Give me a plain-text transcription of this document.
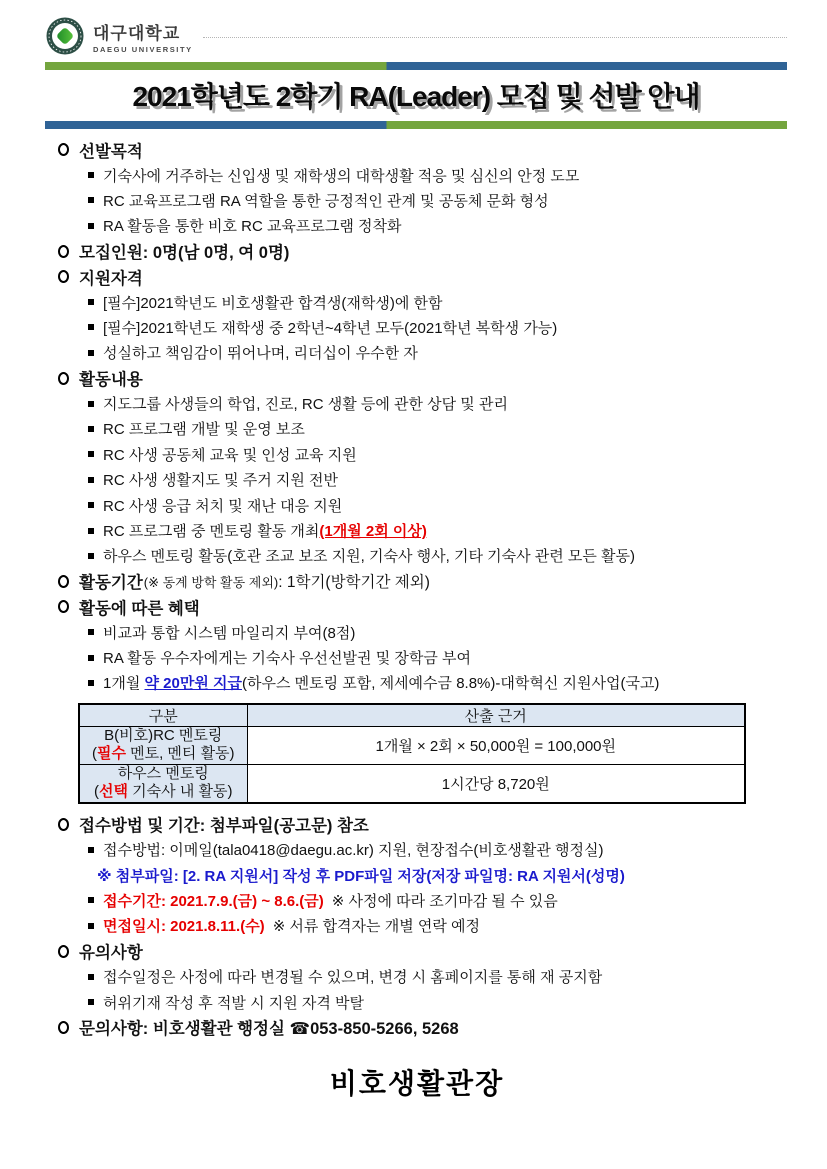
대구대학교
DAEGU UNIVERSITY
2021학년도 2학기 RA(Leader) 모집 및 선발 안내
선발목적
기숙사에 거주하는 신입생 및 재학생의 대학생활 적응 및 심신의 안정 도모
RC 교육프로그램 RA 역할을 통한 긍정적인 관계 및 공동체 문화 형성
RA 활동을 통한 비호 RC 교육프로그램 정착화
모집인원: 0명(남 0명, 여 0명)
지원자격
[필수]2021학년도 비호생활관 합격생(재학생)에 한함
[필수]2021학년도 재학생 중 2학년~4학년 모두(2021학년 복학생 가능)
성실하고 책임감이 뛰어나며, 리더십이 우수한 자
활동내용
지도그룹 사생들의 학업, 진로, RC 생활 등에 관한 상담 및 관리
RC 프로그램 개발 및 운영 보조
RC 사생 공동체 교육 및 인성 교육 지원
RC 사생 생활지도 및 주거 지원 전반
RC 사생 응급 처치 및 재난 대응 지원
RC 프로그램 중 멘토링 활동 개최 (1개월 2회 이상)
하우스 멘토링 활동(호관 조교 보조 지원, 기숙사 행사, 기타 기숙사 관련 모든 활동)
활동기간 (※ 동계 방학 활동 제외) : 1학기(방학기간 제외)
활동에 따른 혜택
비교과 통합 시스템 마일리지 부여(8점)
RA 활동 우수자에게는 기숙사 우선선발권 및 장학금 부여
1개월 약 20만원 지급 (하우스 멘토링 포함, 제세예수금 8.8%)-대학혁신 지원사업(국고)
구분	산출 근거

B(비호)RC 멘토링
(필수 멘토, 멘티 활동)	1개월 × 2회 × 50,000원 = 100,000원

하우스 멘토링
(선택 기숙사 내 활동)	1시간당 8,720원
접수방법 및 기간: 첨부파일(공고문) 참조
접수방법: 이메일(tala0418@daegu.ac.kr) 지원, 현장접수(비호생활관 행정실)
※ 첨부파일: [2. RA 지원서] 작성 후 PDF파일 저장(저장 파일명: RA 지원서(성명)
접수기간: 2021.7.9.(금) ~ 8.6.(금) ※ 사정에 따라 조기마감 될 수 있음
면접일시: 2021.8.11.(수) ※ 서류 합격자는 개별 연락 예정
유의사항
접수일정은 사정에 따라 변경될 수 있으며, 변경 시 홈페이지를 통해 재 공지함
허위기재 작성 후 적발 시 지원 자격 박탈
문의사항: 비호생활관 행정실 ☎053-850-5266, 5268
비호생활관장
